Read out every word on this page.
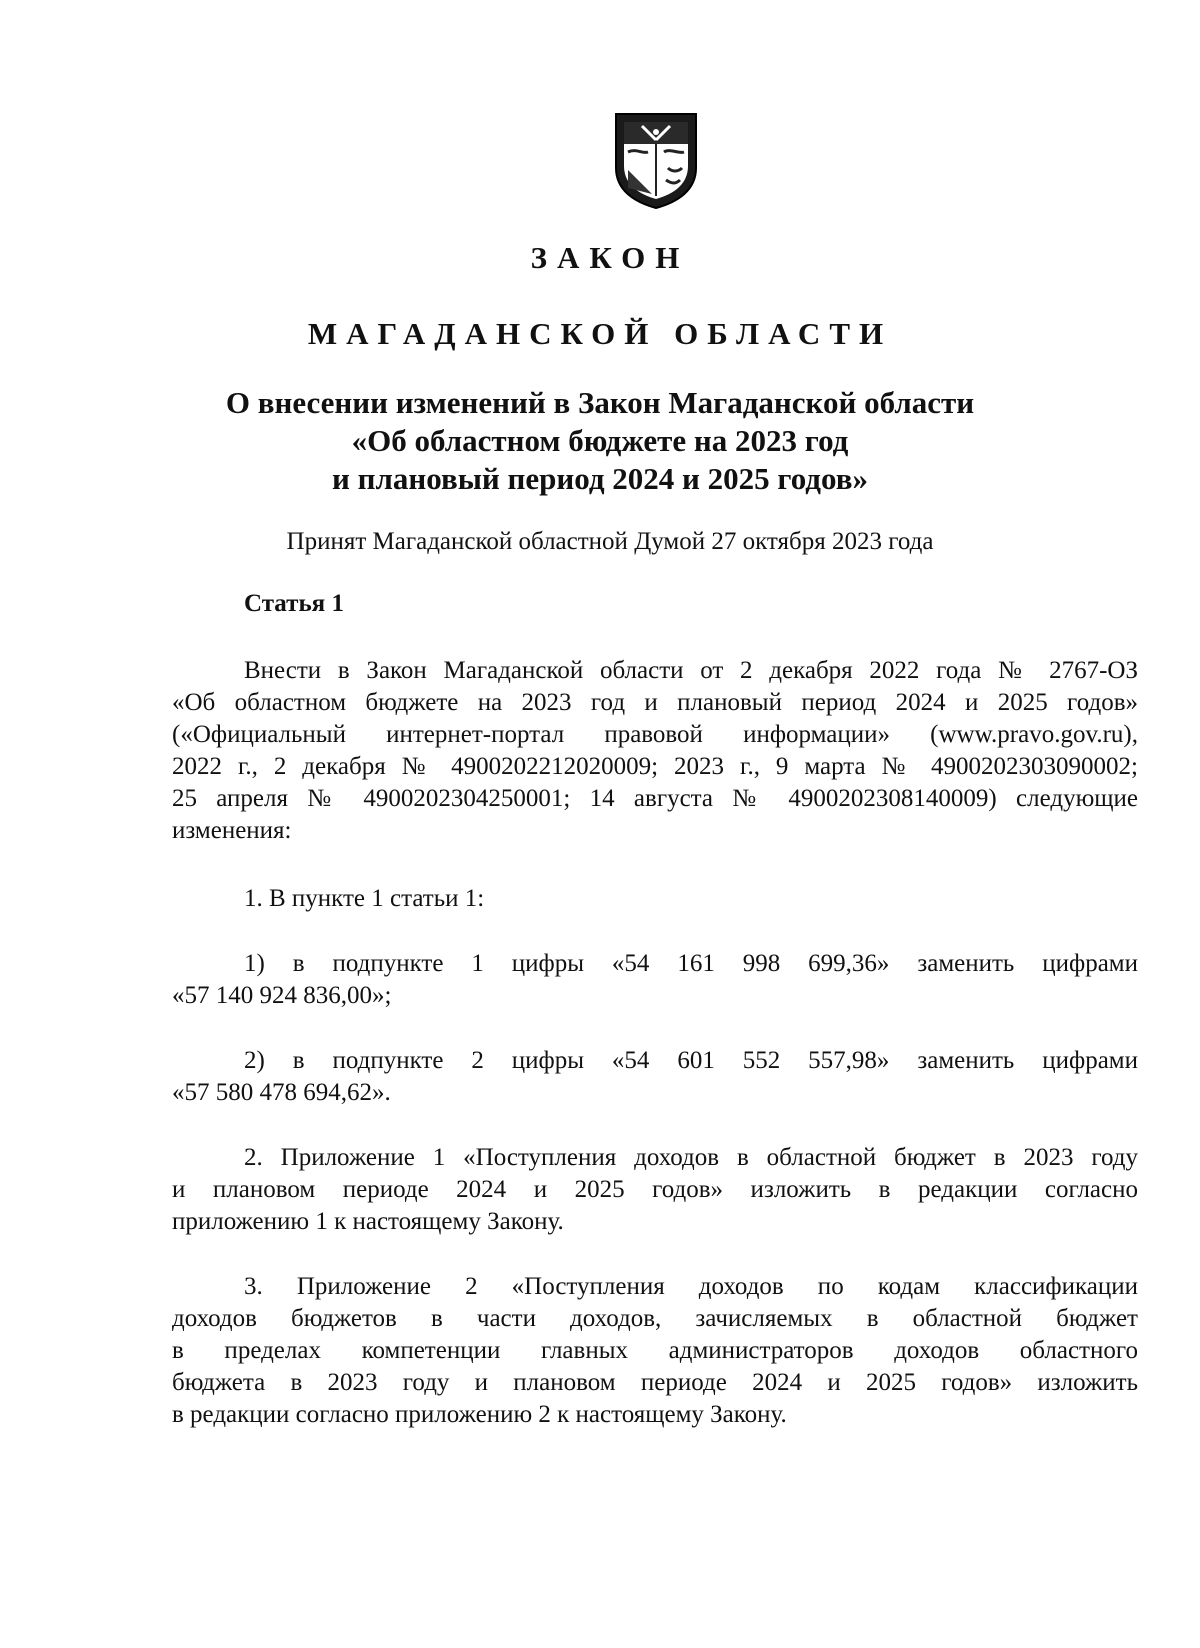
ЗАКОН
МАГАДАНСКОЙ ОБЛАСТИ
О внесении изменений в Закон Магаданской области
«Об областном бюджете на 2023 год
и плановый период 2024 и 2025 годов»
Принят Магаданской областной Думой 27 октября 2023 года
Статья 1
Внести в Закон Магаданской области от 2 декабря 2022 года № 2767-ОЗ
«Об областном бюджете на 2023 год и плановый период 2024 и 2025 годов»
(«Официальный интернет-портал правовой информации» (www.pravo.gov.ru),
2022 г., 2 декабря № 4900202212020009; 2023 г., 9 марта № 4900202303090002;
25 апреля № 4900202304250001; 14 августа № 4900202308140009) следующие
изменения:
1. В пункте 1 статьи 1:
1) в подпункте 1 цифры «54 161 998 699,36» заменить цифрами
«57 140 924 836,00»;
2) в подпункте 2 цифры «54 601 552 557,98» заменить цифрами
«57 580 478 694,62».
2. Приложение 1 «Поступления доходов в областной бюджет в 2023 году
и плановом периоде 2024 и 2025 годов» изложить в редакции согласно
приложению 1 к настоящему Закону.
3. Приложение 2 «Поступления доходов по кодам классификации
доходов бюджетов в части доходов, зачисляемых в областной бюджет
в пределах компетенции главных администраторов доходов областного
бюджета в 2023 году и плановом периоде 2024 и 2025 годов» изложить
в редакции согласно приложению 2 к настоящему Закону.
